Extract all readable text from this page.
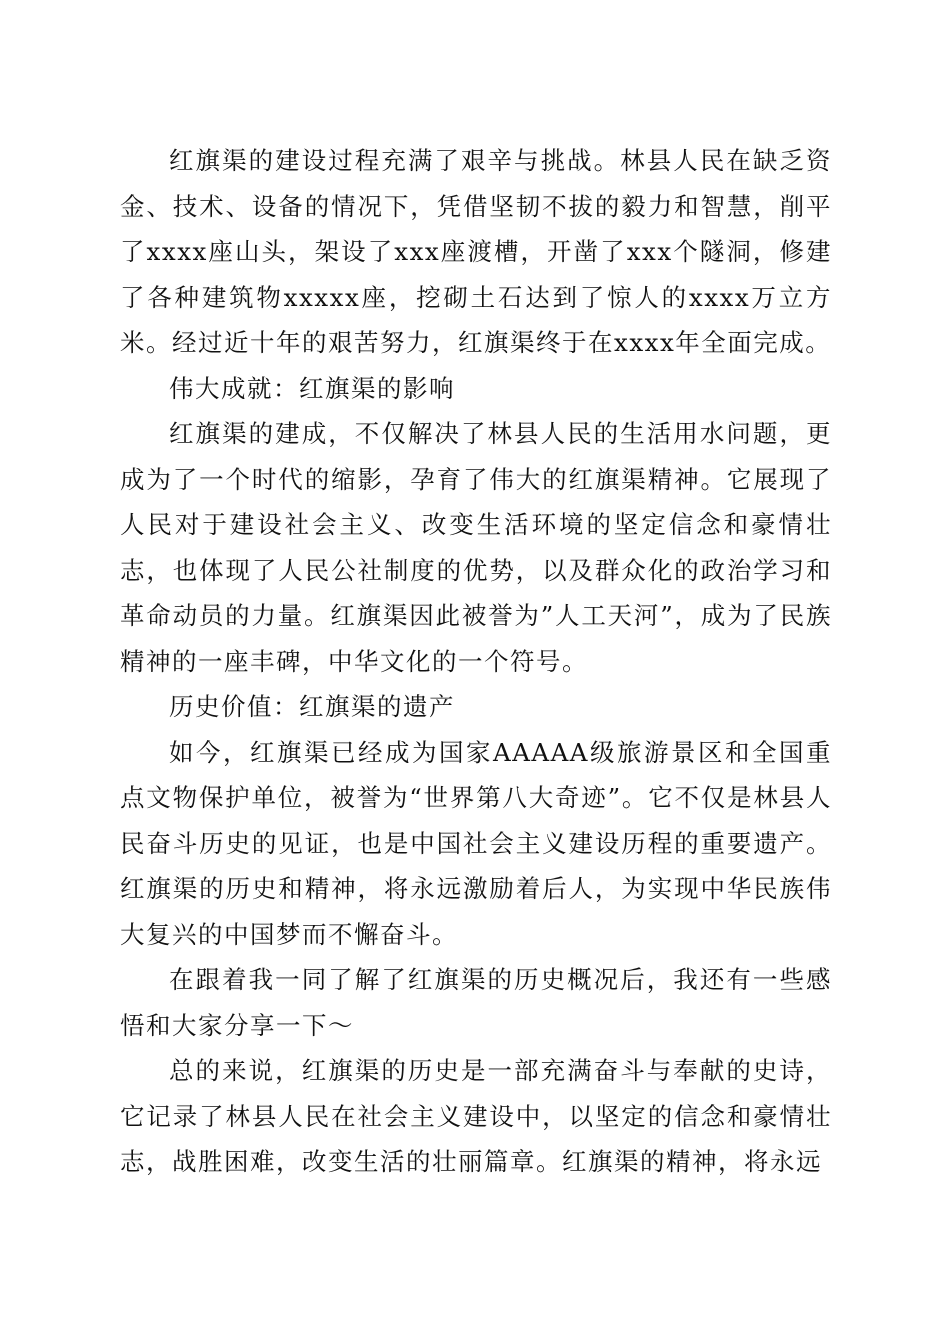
红旗渠的建设过程充满了艰辛与挑战。林县人民在缺乏资金、技术、设备的情况下，凭借坚韧不拔的毅力和智慧，削平了xxxx座山头，架设了xxx座渡槽，开凿了xxx个隧洞，修建了各种建筑物xxxxx座，挖砌土石达到了惊人的xxxx万立方米。经过近十年的艰苦努力，红旗渠终于在xxxx年全面完成。

伟大成就：红旗渠的影响

红旗渠的建成，不仅解决了林县人民的生活用水问题，更成为了一个时代的缩影，孕育了伟大的红旗渠精神。它展现了人民对于建设社会主义、改变生活环境的坚定信念和豪情壮志，也体现了人民公社制度的优势，以及群众化的政治学习和革命动员的力量。红旗渠因此被誉为”人工天河”，成为了民族精神的一座丰碑，中华文化的一个符号。

历史价值：红旗渠的遗产

如今，红旗渠已经成为国家AAAAA级旅游景区和全国重点文物保护单位，被誉为“世界第八大奇迹”。它不仅是林县人民奋斗历史的见证，也是中国社会主义建设历程的重要遗产。红旗渠的历史和精神，将永远激励着后人，为实现中华民族伟大复兴的中国梦而不懈奋斗。

在跟着我一同了解了红旗渠的历史概况后，我还有一些感悟和大家分享一下～

总的来说，红旗渠的历史是一部充满奋斗与奉献的史诗，它记录了林县人民在社会主义建设中，以坚定的信念和豪情壮志，战胜困难，改变生活的壮丽篇章。红旗渠的精神，将永远
